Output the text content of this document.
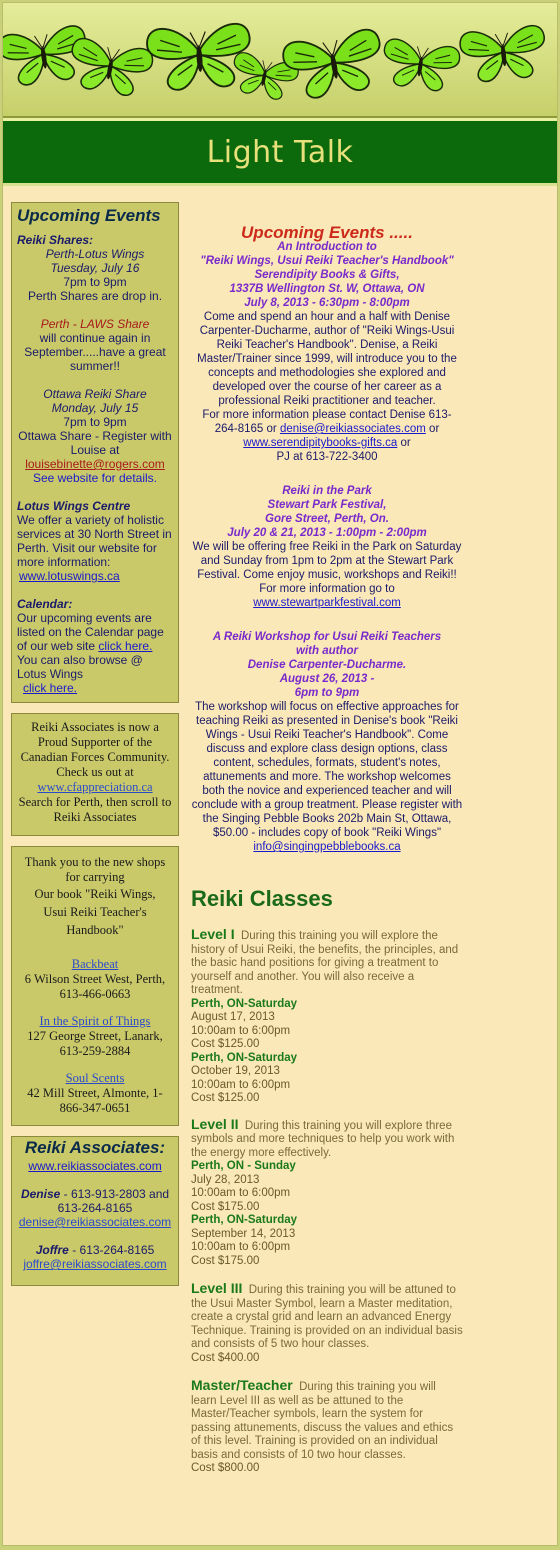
Light Talk
Upcoming Events
Reiki Shares:
Perth-Lotus Wings
Tuesday, July 16
7pm to 9pm
Perth Shares are drop in.
Perth - LAWS Share
will continue again in September.....have a great summer!!
Ottawa Reiki Share
Monday, July 15
7pm to 9pm
Ottawa Share - Register with Louise at
louisebinette@rogers.com
See website for details.
Lotus Wings Centre
We offer a variety of holistic services at 30 North Street in Perth. Visit our website for more information:
www.lotuswings.ca
Calendar:
Our upcoming events are listed on the Calendar page of our web site click here.
You can also browse @ Lotus Wings
click here.
Reiki Associates is now a Proud Supporter of the Canadian Forces Community.
Check us out at
www.cfappreciation.ca
Search for Perth, then scroll to Reiki Associates
Thank you to the new shops for carrying
Our book "Reiki Wings, Usui Reiki Teacher's Handbook"
Backbeat
6 Wilson Street West, Perth, 613-466-0663
In the Spirit of Things
127 George Street, Lanark, 613-259-2884
Soul Scents
42 Mill Street, Almonte, 1-866-347-0651
Reiki Associates:
www.reikiassociates.com
Denise - 613-913-2803 and 613-264-8165
denise@reikiassociates.com
Joffre - 613-264-8165
joffre@reikiassociates.com
Upcoming Events .....
An Introduction to
"Reiki Wings, Usui Reiki Teacher's Handbook"
Serendipity Books & Gifts,
1337B Wellington St. W, Ottawa, ON
July 8, 2013 - 6:30pm - 8:00pm
Come and spend an hour and a half with Denise Carpenter-Ducharme, author of "Reiki Wings-Usui Reiki Teacher's Handbook". Denise, a Reiki Master/Trainer since 1999, will introduce you to the concepts and methodologies she explored and developed over the course of her career as a professional Reiki practitioner and teacher.
For more information please contact Denise 613-264-8165 or denise@reikiassociates.com or
www.serendipitybooks-gifts.ca or
PJ at 613-722-3400
Reiki in the Park
Stewart Park Festival,
Gore Street, Perth, On.
July 20 & 21, 2013 - 1:00pm - 2:00pm
We will be offering free Reiki in the Park on Saturday and Sunday from 1pm to 2pm at the Stewart Park Festival. Come enjoy music, workshops and Reiki!! For more information go to
www.stewartparkfestival.com
A Reiki Workshop for Usui Reiki Teachers
with author
Denise Carpenter-Ducharme.
August 26, 2013 -
6pm to 9pm
The workshop will focus on effective approaches for teaching Reiki as presented in Denise's book "Reiki Wings - Usui Reiki Teacher's Handbook". Come discuss and explore class design options, class content, schedules, formats, student's notes, attunements and more. The workshop welcomes both the novice and experienced teacher and will conclude with a group treatment. Please register with the Singing Pebble Books 202b Main St, Ottawa,
$50.00 - includes copy of book "Reiki Wings"
info@singingpebblebooks.ca
Reiki Classes
Level I During this training you will explore the history of Usui Reiki, the benefits, the principles, and the basic hand positions for giving a treatment to yourself and another. You will also receive a treatment.
Perth, ON-Saturday
August 17, 2013
10:00am to 6:00pm
Cost $125.00
Perth, ON-Saturday
October 19, 2013
10:00am to 6:00pm
Cost $125.00
Level II During this training you will explore three symbols and more techniques to help you work with the energy more effectively.
Perth, ON - Sunday
July 28, 2013
10:00am to 6:00pm
Cost $175.00
Perth, ON-Saturday
September 14, 2013
10:00am to 6:00pm
Cost $175.00
Level III During this training you will be attuned to the Usui Master Symbol, learn a Master meditation, create a crystal grid and learn an advanced Energy Technique. Training is provided on an individual basis and consists of 5 two hour classes.
Cost $400.00
Master/Teacher During this training you will learn Level III as well as be attuned to the Master/Teacher symbols, learn the system for passing attunements, discuss the values and ethics of this level. Training is provided on an individual basis and consists of 10 two hour classes.
Cost $800.00
